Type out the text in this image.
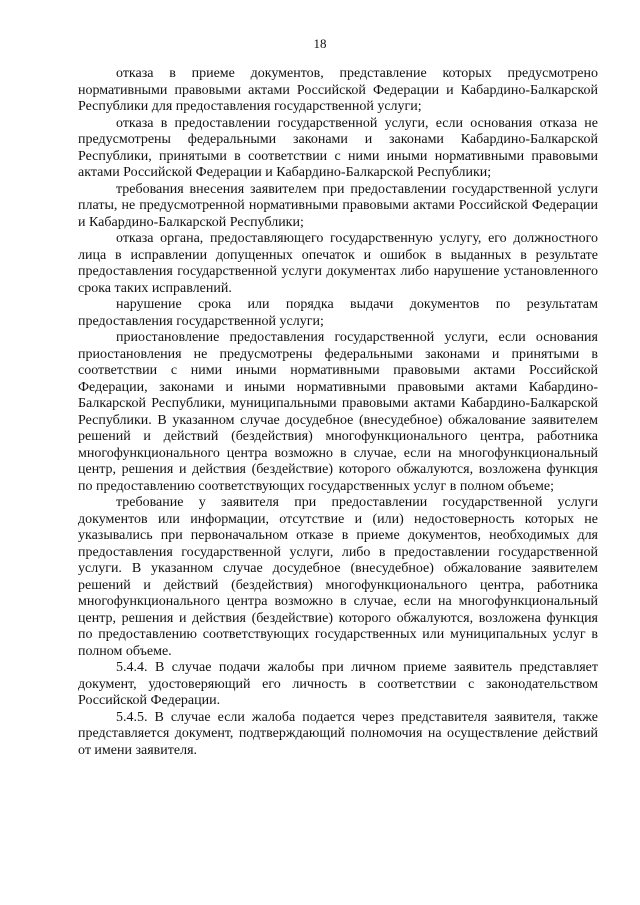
18

отказа в приеме документов, представление которых предусмотрено нормативными правовыми актами Российской Федерации и Кабардино-Балкарской Республики для предоставления государственной услуги;

отказа в предоставлении государственной услуги, если основания отказа не предусмотрены федеральными законами и законами Кабардино-Балкарской Республики, принятыми в соответствии с ними иными нормативными правовыми актами Российской Федерации и Кабардино-Балкарской Республики;

требования внесения заявителем при предоставлении государственной услуги платы, не предусмотренной нормативными правовыми актами Российской Федерации и Кабардино-Балкарской Республики;

отказа органа, предоставляющего государственную услугу, его должностного лица в исправлении допущенных опечаток и ошибок в выданных в результате предоставления государственной услуги документах либо нарушение установленного срока таких исправлений.

нарушение срока или порядка выдачи документов по результатам предоставления государственной услуги;

приостановление предоставления государственной услуги, если основания приостановления не предусмотрены федеральными законами и принятыми в соответствии с ними иными нормативными правовыми актами Российской Федерации, законами и иными нормативными правовыми актами Кабардино-Балкарской Республики, муниципальными правовыми актами Кабардино-Балкарской Республики. В указанном случае досудебное (внесудебное) обжалование заявителем решений и действий (бездействия) многофункционального центра, работника многофункционального центра возможно в случае, если на многофункциональный центр, решения и действия (бездействие) которого обжалуются, возложена функция по предоставлению соответствующих государственных услуг в полном объеме;

требование у заявителя при предоставлении государственной услуги документов или информации, отсутствие и (или) недостоверность которых не указывались при первоначальном отказе в приеме документов, необходимых для предоставления государственной услуги, либо в предоставлении государственной услуги. В указанном случае досудебное (внесудебное) обжалование заявителем решений и действий (бездействия) многофункционального центра, работника многофункционального центра возможно в случае, если на многофункциональный центр, решения и действия (бездействие) которого обжалуются, возложена функция по предоставлению соответствующих государственных или муниципальных услуг в полном объеме.

5.4.4. В случае подачи жалобы при личном приеме заявитель представляет документ, удостоверяющий его личность в соответствии с законодательством Российской Федерации.

5.4.5. В случае если жалоба подается через представителя заявителя, также представляется документ, подтверждающий полномочия на осуществление действий от имени заявителя.
